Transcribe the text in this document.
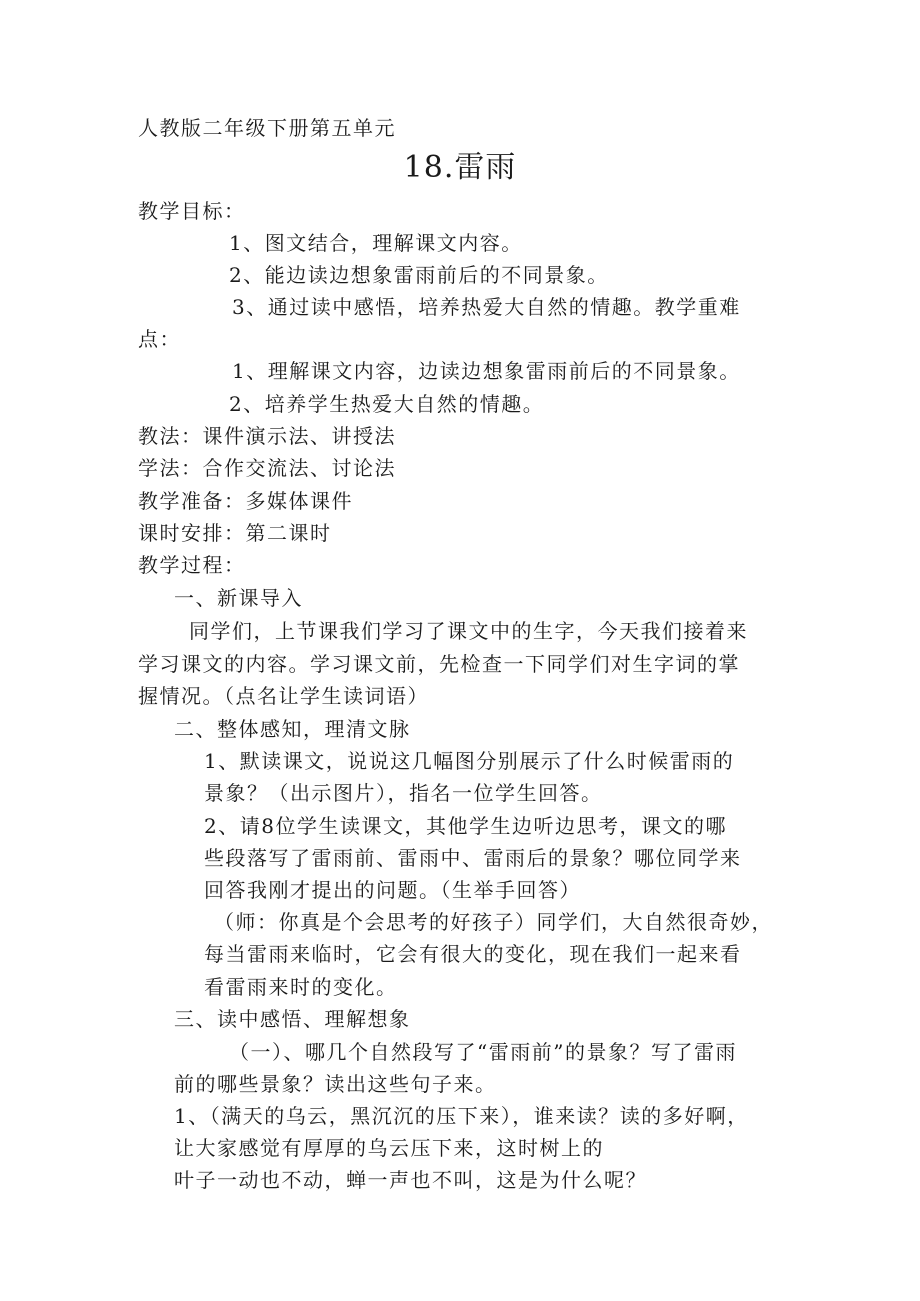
人教版二年级下册第五单元
18.雷雨
教学目标：
1、图文结合，理解课文内容。
2、能边读边想象雷雨前后的不同景象。
3、通过读中感悟，培养热爱大自然的情趣。教学重难
点：
1、理解课文内容，边读边想象雷雨前后的不同景象。
2、培养学生热爱大自然的情趣。
教法：课件演示法、讲授法
学法：合作交流法、讨论法
教学准备：多媒体课件
课时安排：第二课时
教学过程：
一、新课导入
同学们，上节课我们学习了课文中的生字，今天我们接着来
学习课文的内容。学习课文前，先检查一下同学们对生字词的掌
握情况。（点名让学生读词语）
二、整体感知，理清文脉
1、默读课文，说说这几幅图分别展示了什么时候雷雨的
景象？（出示图片），指名一位学生回答。
2、请8位学生读课文，其他学生边听边思考，课文的哪
些段落写了雷雨前、雷雨中、雷雨后的景象？哪位同学来
回答我刚才提出的问题。（生举手回答）
（师：你真是个会思考的好孩子）同学们，大自然很奇妙，
每当雷雨来临时，它会有很大的变化，现在我们一起来看
看雷雨来时的变化。
三、读中感悟、理解想象
（一）、哪几个自然段写了“雷雨前”的景象？写了雷雨
前的哪些景象？读出这些句子来。
1、（满天的乌云，黑沉沉的压下来），谁来读？读的多好啊，
让大家感觉有厚厚的乌云压下来，这时树上的
叶子一动也不动，蝉一声也不叫，这是为什么呢？
